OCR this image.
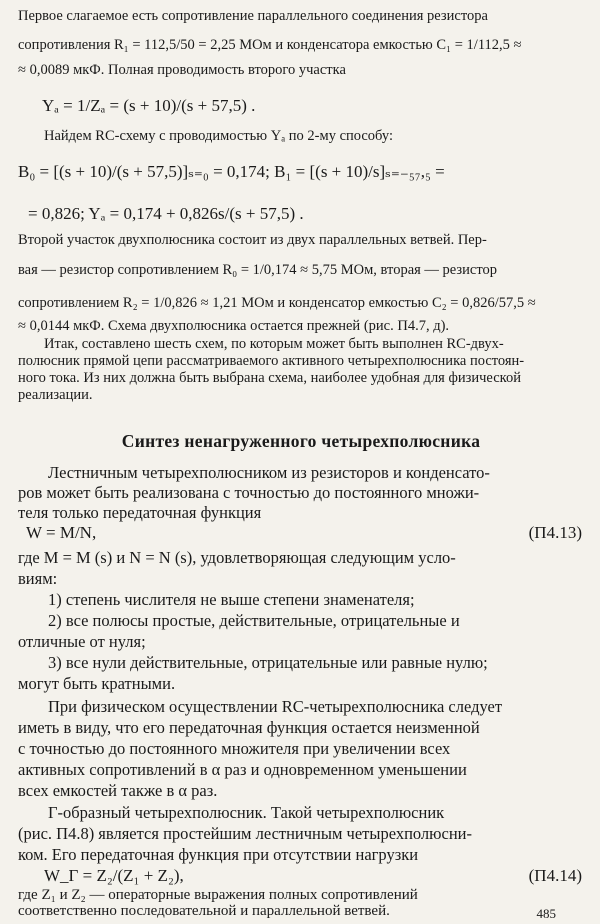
Первое слагаемое есть сопротивление параллельного соединения резистора
сопротивления R₁ = 112,5/50 = 2,25 МОм и конденсатора емкостью C₁ = 1/112,5 ≈
≈ 0,0089 мкФ. Полная проводимость второго участка
Yₐ = 1/Zₐ = (s + 10)/(s + 57,5) .
Найдем RC-схему с проводимостью Yₐ по 2-му способу:
B₀ = [(s + 10)/(s + 57,5)]ₛ₌₀ = 0,174; B₁ = [(s + 10)/s]ₛ₌₋₅₇,₅ =
= 0,826; Yₐ = 0,174 + 0,826s/(s + 57,5) .
Второй участок двухполюсника состоит из двух параллельных ветвей. Пер-
вая — резистор сопротивлением R₀ = 1/0,174 ≈ 5,75 МОм, вторая — резистор
сопротивлением R₂ = 1/0,826 ≈ 1,21 МОм и конденсатор емкостью C₂ = 0,826/57,5 ≈
≈ 0,0144 мкФ. Схема двухполюсника остается прежней (рис. П4.7, д).
Итак, составлено шесть схем, по которым может быть выполнен RC-двух-
полюсник прямой цепи рассматриваемого активного четырехполюсника постоян-
ного тока. Из них должна быть выбрана схема, наиболее удобная для физической
реализации.
Синтез ненагруженного четырехполюсника
Лестничным четырехполюсником из резисторов и конденсато-
ров может быть реализована с точностью до постоянного множи-
теля только передаточная функция
W = M/N,	(П4.13)
где M = M (s) и N = N (s), удовлетворяющая следующим усло-
виям:
1) степень числителя не выше степени знаменателя;
2) все полюсы простые, действительные, отрицательные и
отличные от нуля;
3) все нули действительные, отрицательные или равные нулю;
могут быть кратными.
При физическом осуществлении RC-четырехполюсника следует
иметь в виду, что его передаточная функция остается неизменной
с точностью до постоянного множителя при увеличении всех
активных сопротивлений в α раз и одновременном уменьшении
всех емкостей также в α раз.
Г-образный четырехполюсник. Такой четырехполюсник
(рис. П4.8) является простейшим лестничным четырехполюсни-
ком. Его передаточная функция при отсутствии нагрузки
W_Г = Z₂/(Z₁ + Z₂),	(П4.14)
где Z₁ и Z₂ — операторные выражения полных сопротивлений
соответственно последовательной и параллельной ветвей.	485
